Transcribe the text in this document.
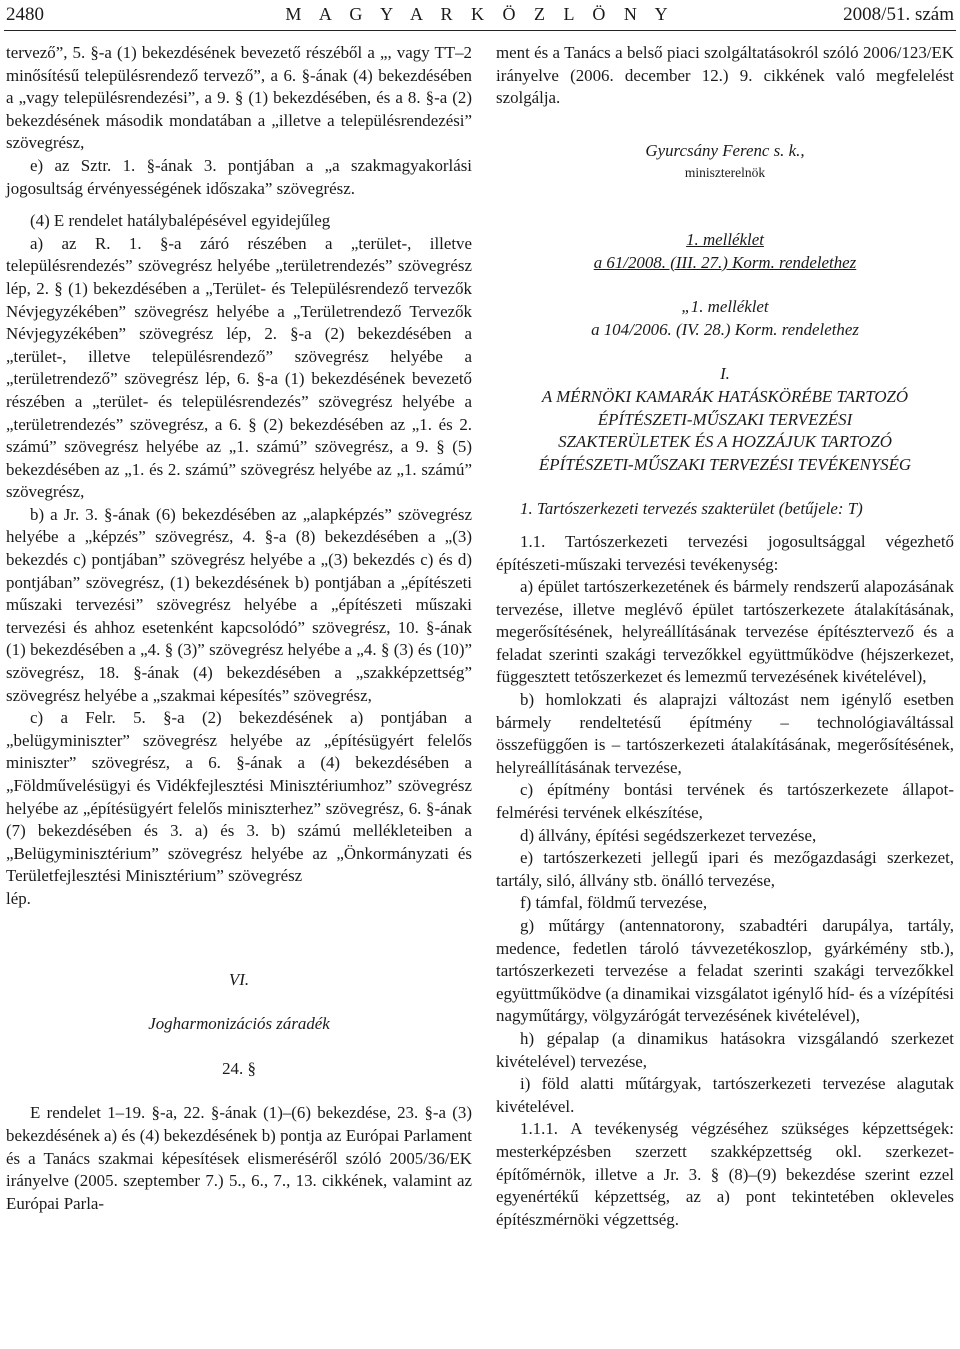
2480	M A G Y A R K Ö Z L Ö N Y	2008/51. szám

tervező”, 5. §-a (1) bekezdésének bevezető részéből a „, vagy TT–2 minősítésű településrendező tervező”, a 6. §-ának (4) bekezdésében a „vagy településrendezési”, a 9. § (1) bekezdésében, és a 8. §-a (2) bekezdésének második mondatában a „illetve a településrendezési” szövegrész,

e) az Sztr. 1. §-ának 3. pontjában a „a szakmagyakorlási jogosultság érvényességének időszaka” szövegrész.

(4) E rendelet hatálybalépésével egyidejűleg

a) az R. 1. §-a záró részében a „terület-, illetve településrendezés” szövegrész helyébe „területrendezés” szövegrész lép, 2. § (1) bekezdésében a „Terület- és Településrendező tervezők Névjegyzékében” szövegrész helyébe a „Területrendező Tervezők Névjegyzékében” szövegrész lép, 2. §-a (2) bekezdésében a „terület-, illetve településrendező” szövegrész helyébe a „területrendező” szövegrész lép, 6. §-a (1) bekezdésének bevezető részében a „terület- és településrendezés” szövegrész helyébe a „területrendezés” szövegrész, a 6. § (2) bekezdésében az „1. és 2. számú” szövegrész helyébe az „1. számú” szövegrész, a 9. § (5) bekezdésében az „1. és 2. számú” szövegrész helyébe az „1. számú” szövegrész,

b) a Jr. 3. §-ának (6) bekezdésében az „alapképzés” szövegrész helyébe a „képzés” szövegrész, 4. §-a (8) bekezdésében a „(3) bekezdés c) pontjában” szövegrész helyébe a „(3) bekezdés c) és d) pontjában” szövegrész, (1) bekezdésének b) pontjában a „építészeti műszaki tervezési” szövegrész helyébe a „építészeti műszaki tervezési és ahhoz esetenként kapcsolódó” szövegrész, 10. §-ának (1) bekezdésében a „4. § (3)” szövegrész helyébe a „4. § (3) és (10)” szövegrész, 18. §-ának (4) bekezdésében a „szakképzettség” szövegrész helyébe a „szakmai képesítés” szövegrész,

c) a Felr. 5. §-a (2) bekezdésének a) pontjában a „belügyminiszter” szövegrész helyébe az „építésügyért felelős miniszter” szövegrész, a 6. §-ának a (4) bekezdésében a „Földművelésügyi és Vidékfejlesztési Minisztériumhoz” szövegrész helyébe az „építésügyért felelős miniszterhez” szövegrész, 6. §-ának (7) bekezdésében és 3. a) és 3. b) számú mellékleteiben a „Belügyminisztérium” szövegrész helyébe az „Önkormányzati és Területfejlesztési Minisztérium” szövegrész

lép.

VI.

Jogharmonizációs záradék

24. §

E rendelet 1–19. §-a, 22. §-ának (1)–(6) bekezdése, 23. §-a (3) bekezdésének a) és (4) bekezdésének b) pontja az Európai Parlament és a Tanács szakmai képesítések elismeréséről szóló 2005/36/EK irányelve (2005. szeptember 7.) 5., 6., 7., 13. cikkének, valamint az Európai Parla-

ment és a Tanács a belső piaci szolgáltatásokról szóló 2006/123/EK irányelve (2006. december 12.) 9. cikkének való megfelelést szolgálja.

Gyurcsány Ferenc s. k.,

miniszterelnök

1. melléklet

a 61/2008. (III. 27.) Korm. rendelethez

„1. melléklet

a 104/2006. (IV. 28.) Korm. rendelethez

I.

A MÉRNÖKI KAMARÁK HATÁSKÖRÉBE TARTOZÓ

ÉPÍTÉSZETI-MŰSZAKI TERVEZÉSI

SZAKTERÜLETEK ÉS A HOZZÁJUK TARTOZÓ

ÉPÍTÉSZETI-MŰSZAKI TERVEZÉSI TEVÉKENYSÉG

1. Tartószerkezeti tervezés szakterület (betűjele: T)

1.1. Tartószerkezeti tervezési jogosultsággal végezhető építészeti-műszaki tervezési tevékenység:

a) épület tartószerkezetének és bármely rendszerű alapozásának tervezése, illetve meglévő épület tartószerkezete átalakításának, megerősítésének, helyreállításának tervezése építésztervező és a feladat szerinti szakági tervezőkkel együttműködve (héjszerkezet, függesztett tetőszerkezet és lemezmű tervezésének kivételével),

b) homlokzati és alaprajzi változást nem igénylő esetben bármely rendeltetésű építmény – technológiaváltással összefüggően is – tartószerkezeti átalakításának, megerősítésének, helyreállításának tervezése,

c) építmény bontási tervének és tartószerkezete állapot-felmérési tervének elkészítése,

d) állvány, építési segédszerkezet tervezése,

e) tartószerkezeti jellegű ipari és mezőgazdasági szerkezet, tartály, siló, állvány stb. önálló tervezése,

f) támfal, földmű tervezése,

g) műtárgy (antennatorony, szabadtéri darupálya, tartály, medence, fedetlen tároló távvezetékoszlop, gyárkémény stb.), tartószerkezeti tervezése a feladat szerinti szakági tervezőkkel együttműködve (a dinamikai vizsgálatot igénylő híd- és a vízépítési nagyműtárgy, völgyzárógát tervezésének kivételével),

h) gépalap (a dinamikus hatásokra vizsgálandó szerkezet kivételével) tervezése,

i) föld alatti műtárgyak, tartószerkezeti tervezése alagutak kivételével.

1.1.1. A tevékenység végzéséhez szükséges képzettségek: mesterképzésben szerzett szakképzettség okl. szerkezet-építőmérnök, illetve a Jr. 3. § (8)–(9) bekezdése szerint ezzel egyenértékű képzettség, az a) pont tekintetében okleveles építészmérnöki végzettség.
